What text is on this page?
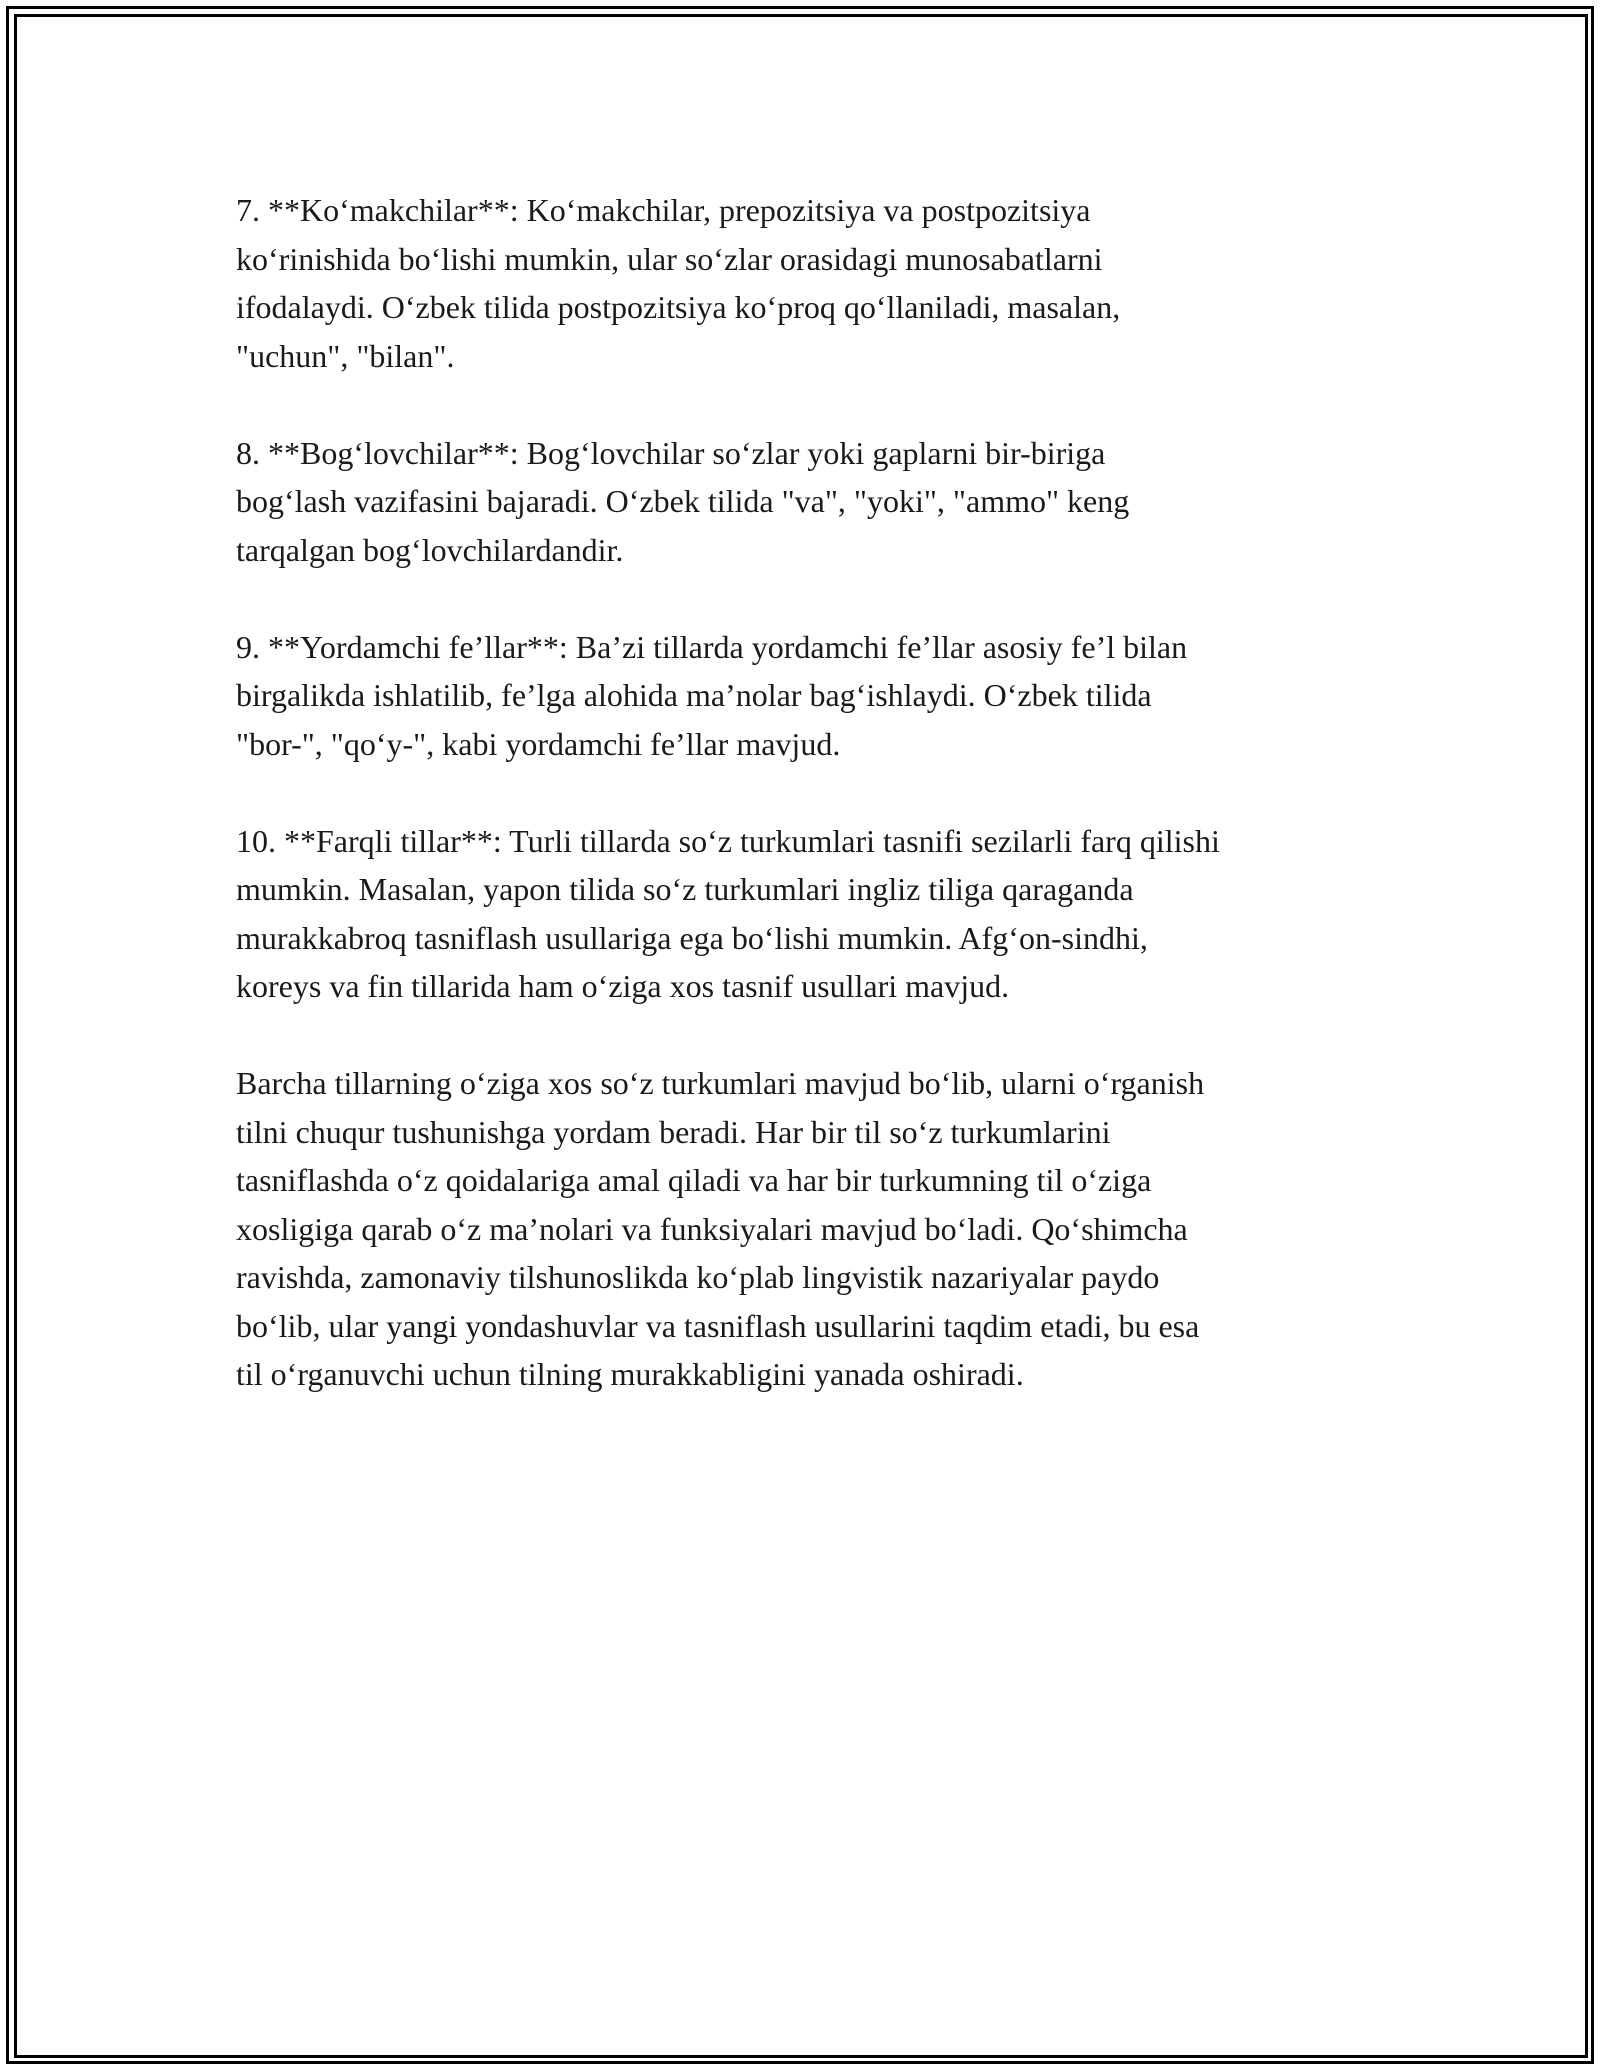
7. **Ko‘makchilar**: Ko‘makchilar, prepozitsiya va postpozitsiya
ko‘rinishida bo‘lishi mumkin, ular so‘zlar orasidagi munosabatlarni
ifodalaydi. O‘zbek tilida postpozitsiya ko‘proq qo‘llaniladi, masalan,
"uchun", "bilan".

8. **Bog‘lovchilar**: Bog‘lovchilar so‘zlar yoki gaplarni bir-biriga
bog‘lash vazifasini bajaradi. O‘zbek tilida "va", "yoki", "ammo" keng
tarqalgan bog‘lovchilardandir.

9. **Yordamchi fe’llar**: Ba’zi tillarda yordamchi fe’llar asosiy fe’l bilan
birgalikda ishlatilib, fe’lga alohida ma’nolar bag‘ishlaydi. O‘zbek tilida
"bor-", "qo‘y-", kabi yordamchi fe’llar mavjud.

10. **Farqli tillar**: Turli tillarda so‘z turkumlari tasnifi sezilarli farq qilishi
mumkin. Masalan, yapon tilida so‘z turkumlari ingliz tiliga qaraganda
murakkabroq tasniflash usullariga ega bo‘lishi mumkin. Afg‘on-sindhi,
koreys va fin tillarida ham o‘ziga xos tasnif usullari mavjud.

Barcha tillarning o‘ziga xos so‘z turkumlari mavjud bo‘lib, ularni o‘rganish
tilni chuqur tushunishga yordam beradi. Har bir til so‘z turkumlarini
tasniflashda o‘z qoidalariga amal qiladi va har bir turkumning til o‘ziga
xosligiga qarab o‘z ma’nolari va funksiyalari mavjud bo‘ladi. Qo‘shimcha
ravishda, zamonaviy tilshunoslikda ko‘plab lingvistik nazariyalar paydo
bo‘lib, ular yangi yondashuvlar va tasniflash usullarini taqdim etadi, bu esa
til o‘rganuvchi uchun tilning murakkabligini yanada oshiradi.
